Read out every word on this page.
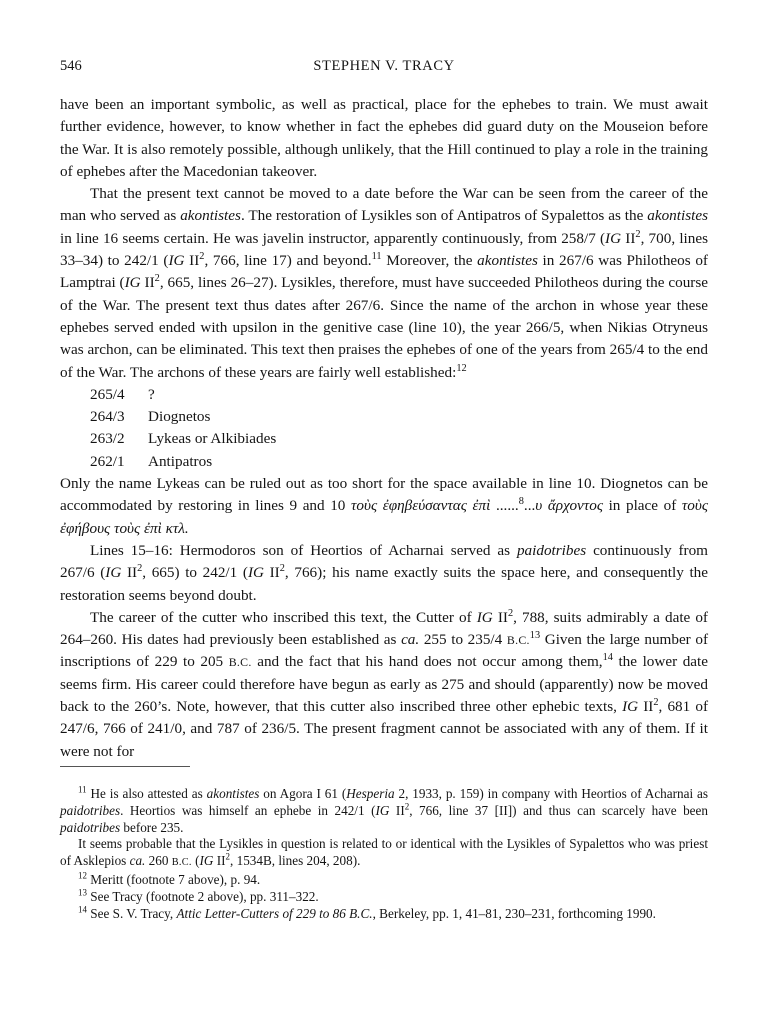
546	STEPHEN V. TRACY

have been an important symbolic, as well as practical, place for the ephebes to train. We must await further evidence, however, to know whether in fact the ephebes did guard duty on the Mouseion before the War. It is also remotely possible, although unlikely, that the Hill continued to play a role in the training of ephebes after the Macedonian takeover.

That the present text cannot be moved to a date before the War can be seen from the career of the man who served as akontistes. The restoration of Lysikles son of Antipatros of Sypalettos as the akontistes in line 16 seems certain. He was javelin instructor, apparently continuously, from 258/7 (IG $II^2$, 700, lines 33–34) to 242/1 (IG $II^2$, 766, line 17) and beyond.$^{11}$ Moreover, the akontistes in 267/6 was Philotheos of Lamptrai (IG $II^2$, 665, lines 26–27). Lysikles, therefore, must have succeeded Philotheos during the course of the War. The present text thus dates after 267/6. Since the name of the archon in whose year these ephebes served ended with upsilon in the genitive case (line 10), the year 266/5, when Nikias Otryneus was archon, can be eliminated. This text then praises the ephebes of one of the years from 265/4 to the end of the War. The archons of these years are fairly well established:$^{12}$

265/4	?
264/3	Diognetos
263/2	Lykeas or Alkibiades
262/1	Antipatros

Only the name Lykeas can be ruled out as too short for the space available in line 10. Diognetos can be accommodated by restoring in lines 9 and 10 τοὺς ἐφηβεύσαντας ἐπὶ ......$^8$...υ ἄρχοντος in place of τοὺς ἐφήβους τοὺς ἐπὶ κτλ.

Lines 15–16: Hermodoros son of Heortios of Acharnai served as paidotribes continuously from 267/6 (IG $II^2$, 665) to 242/1 (IG $II^2$, 766); his name exactly suits the space here, and consequently the restoration seems beyond doubt.

The career of the cutter who inscribed this text, the Cutter of IG $II^2$, 788, suits admirably a date of 264–260. His dates had previously been established as ca. 255 to 235/4 B.C.$^{13}$ Given the large number of inscriptions of 229 to 205 B.C. and the fact that his hand does not occur among them,$^{14}$ the lower date seems firm. His career could therefore have begun as early as 275 and should (apparently) now be moved back to the 260’s. Note, however, that this cutter also inscribed three other ephebic texts, IG $II^2$, 681 of 247/6, 766 of 241/0, and 787 of 236/5. The present fragment cannot be associated with any of them. If it were not for

$^{11}$ He is also attested as akontistes on Agora I 61 (Hesperia 2, 1933, p. 159) in company with Heortios of Acharnai as paidotribes. Heortios was himself an ephebe in 242/1 (IG $II^2$, 766, line 37 [II]) and thus can scarcely have been paidotribes before 235.

It seems probable that the Lysikles in question is related to or identical with the Lysikles of Sypalettos who was priest of Asklepios ca. 260 B.C. (IG $II^2$, 1534B, lines 204, 208).

$^{12}$ Meritt (footnote 7 above), p. 94.

$^{13}$ See Tracy (footnote 2 above), pp. 311–322.

$^{14}$ See S. V. Tracy, Attic Letter-Cutters of 229 to 86 B.C., Berkeley, pp. 1, 41–81, 230–231, forthcoming 1990.
